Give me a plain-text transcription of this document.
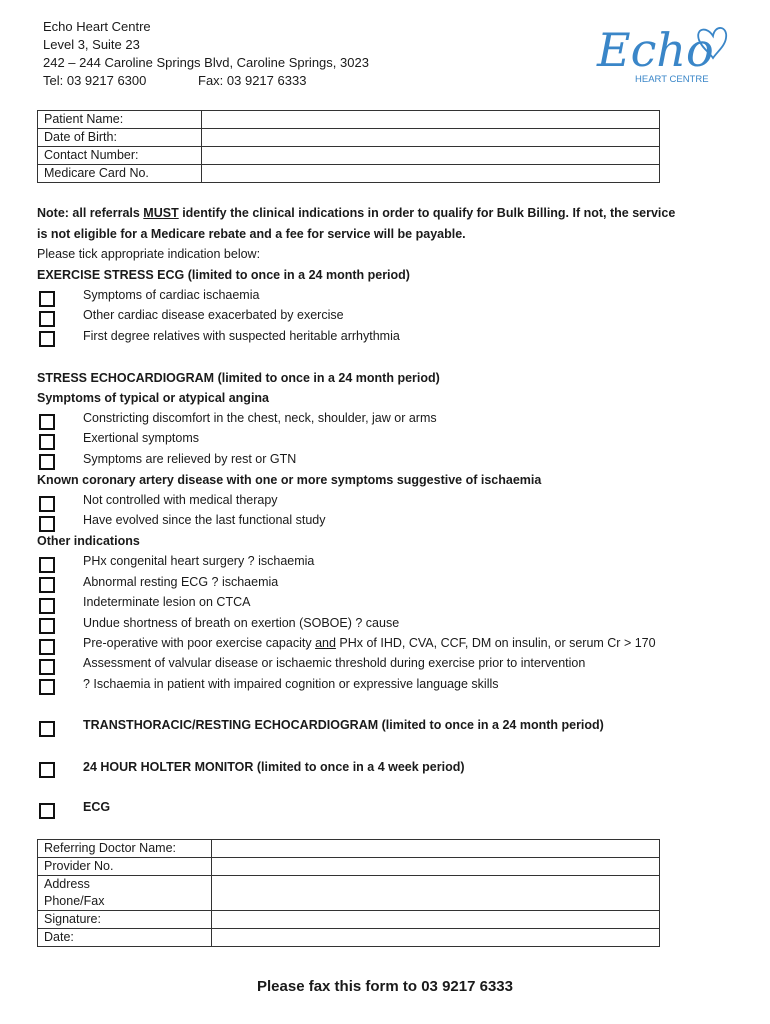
Echo Heart Centre
Level 3, Suite 23
242 – 244 Caroline Springs Blvd, Caroline Springs, 3023
Tel: 03 9217 6300	Fax: 03 9217 6333
Echo
HEART CENTRE
Patient Name:	
Date of Birth:	
Contact Number:	
Medicare Card No.	
Note: all referrals MUST identify the clinical indications in order to qualify for Bulk Billing. If not, the service
is not eligible for a Medicare rebate and a fee for service will be payable.
Please tick appropriate indication below:
EXERCISE STRESS ECG (limited to once in a 24 month period)
Symptoms of cardiac ischaemia
Other cardiac disease exacerbated by exercise
First degree relatives with suspected heritable arrhythmia
STRESS ECHOCARDIOGRAM (limited to once in a 24 month period)
Symptoms of typical or atypical angina
Constricting discomfort in the chest, neck, shoulder, jaw or arms
Exertional symptoms
Symptoms are relieved by rest or GTN
Known coronary artery disease with one or more symptoms suggestive of ischaemia
Not controlled with medical therapy
Have evolved since the last functional study
Other indications
PHx congenital heart surgery ? ischaemia
Abnormal resting ECG ? ischaemia
Indeterminate lesion on CTCA
Undue shortness of breath on exertion (SOBOE) ? cause
Pre-operative with poor exercise capacity and PHx of IHD, CVA, CCF, DM on insulin, or serum Cr > 170
Assessment of valvular disease or ischaemic threshold during exercise prior to intervention
? Ischaemia in patient with impaired cognition or expressive language skills
TRANSTHORACIC/RESTING ECHOCARDIOGRAM (limited to once in a 24 month period)
24 HOUR HOLTER MONITOR (limited to once in a 4 week period)
ECG
Referring Doctor Name:	
Provider No.	
Address	
Phone/Fax	
Signature:	
Date:	
Please fax this form to 03 9217 6333
